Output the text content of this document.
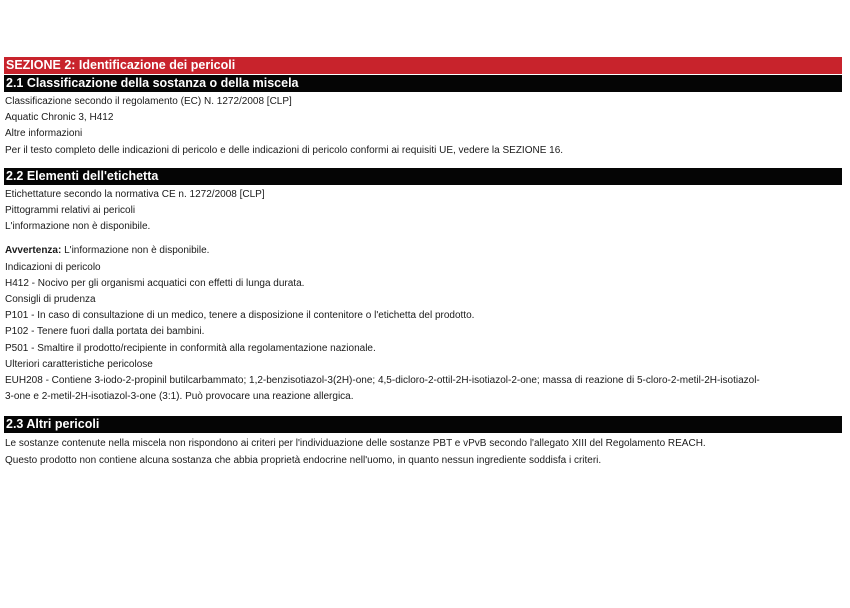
SEZIONE 2: Identificazione dei pericoli
2.1 Classificazione della sostanza o della miscela
Classificazione secondo il regolamento (EC) N. 1272/2008 [CLP]
Aquatic Chronic 3, H412
Altre informazioni
Per il testo completo delle indicazioni di pericolo e delle indicazioni di pericolo conformi ai requisiti UE, vedere la SEZIONE 16.
2.2 Elementi dell'etichetta
Etichettature secondo la normativa CE n. 1272/2008 [CLP]
Pittogrammi relativi ai pericoli
L'informazione non è disponibile.
Avvertenza: L'informazione non è disponibile.
Indicazioni di pericolo
H412 - Nocivo per gli organismi acquatici con effetti di lunga durata.
Consigli di prudenza
P101 - In caso di consultazione di un medico, tenere a disposizione il contenitore o l'etichetta del prodotto.
P102 - Tenere fuori dalla portata dei bambini.
P501 - Smaltire il prodotto/recipiente in conformità alla regolamentazione nazionale.
Ulteriori caratteristiche pericolose
EUH208 - Contiene 3-iodo-2-propinil butilcarbammato; 1,2-benzisotiazol-3(2H)-one; 4,5-dicloro-2-ottil-2H-isotiazol-2-one; massa di reazione di 5-cloro-2-metil-2H-isotiazol-
3-one e 2-metil-2H-isotiazol-3-one (3:1). Può provocare una reazione allergica.
2.3 Altri pericoli
Le sostanze contenute nella miscela non rispondono ai criteri per l'individuazione delle sostanze PBT e vPvB secondo l'allegato XIII del Regolamento REACH.
Questo prodotto non contiene alcuna sostanza che abbia proprietà endocrine nell'uomo, in quanto nessun ingrediente soddisfa i criteri.
